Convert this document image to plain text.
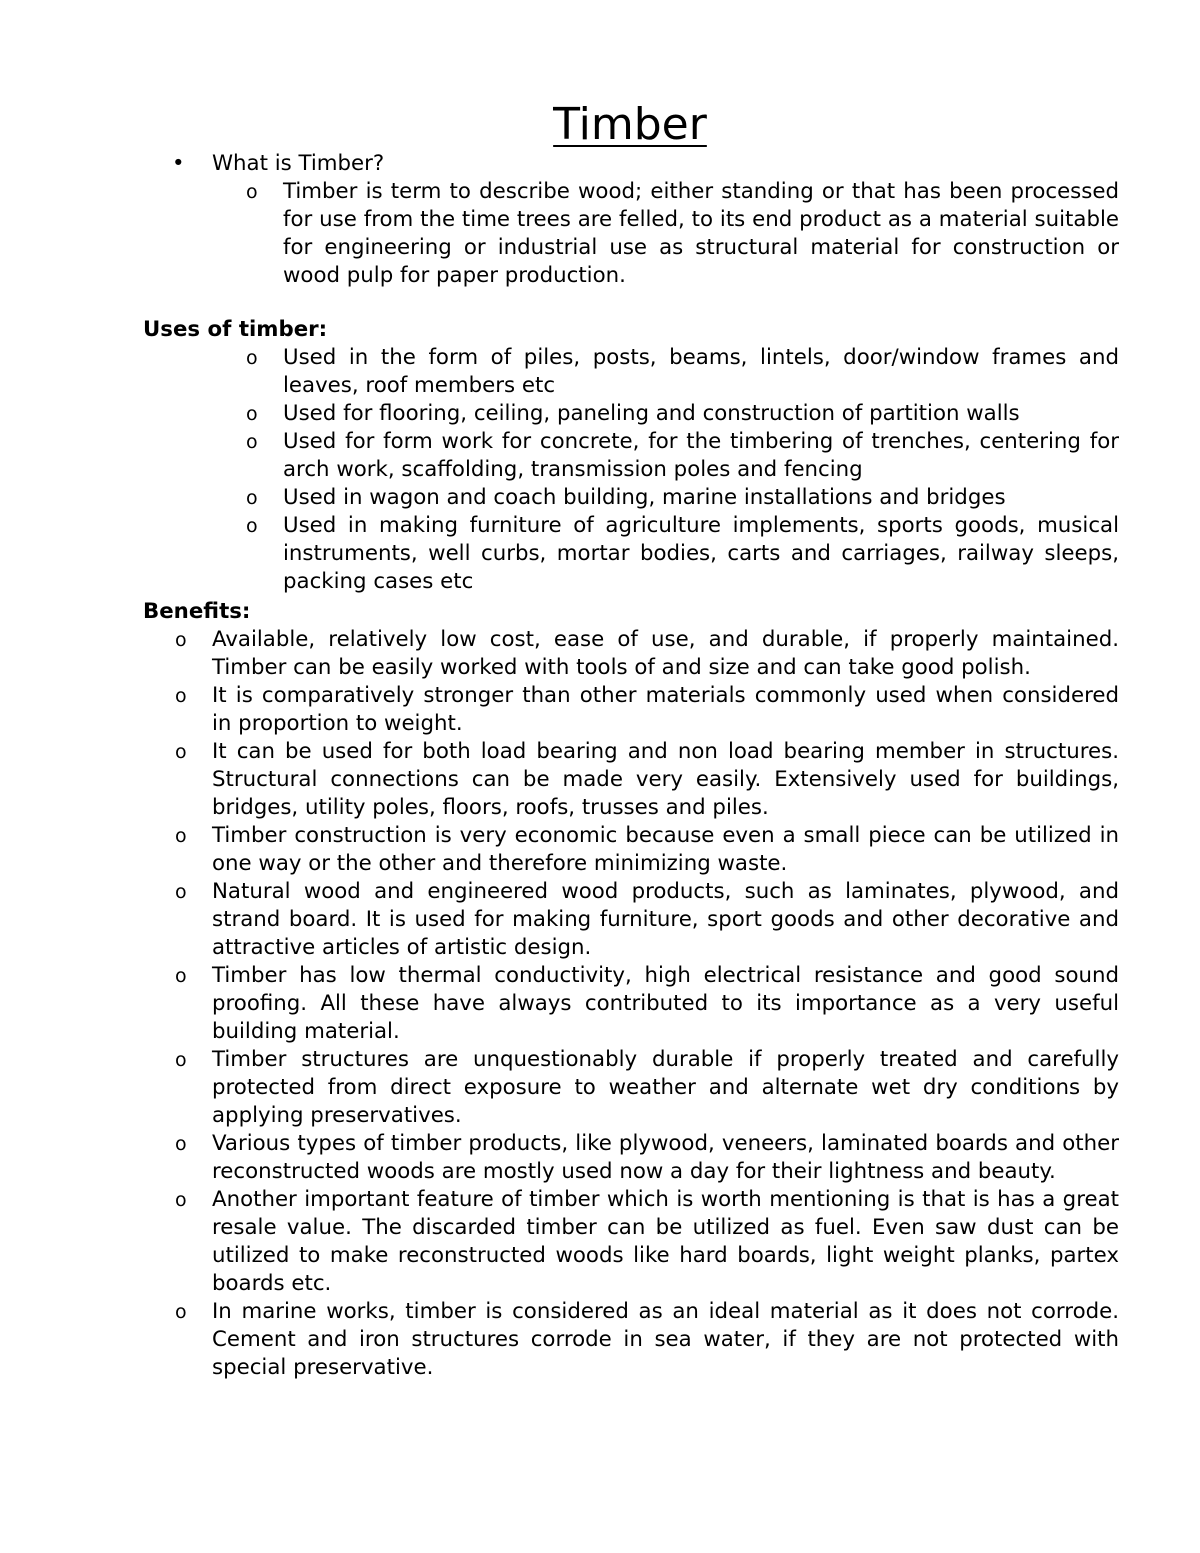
Timber
• What is Timber?
o Timber is term to describe wood; either standing or that has been processed for use from the time trees are felled, to its end product as a material suitable for engineering or industrial use as structural material for construction or wood pulp for paper production.
Uses of timber:
o Used in the form of piles, posts, beams, lintels, door/window frames and leaves, roof members etc
o Used for flooring, ceiling, paneling and construction of partition walls
o Used for form work for concrete, for the timbering of trenches, centering for arch work, scaffolding, transmission poles and fencing
o Used in wagon and coach building, marine installations and bridges
o Used in making furniture of agriculture implements, sports goods, musical instruments, well curbs, mortar bodies, carts and carriages, railway sleeps, packing cases etc
Benefits:
o Available, relatively low cost, ease of use, and durable, if properly maintained. Timber can be easily worked with tools of and size and can take good polish.
o It is comparatively stronger than other materials commonly used when considered in proportion to weight.
o It can be used for both load bearing and non load bearing member in structures. Structural connections can be made very easily. Extensively used for buildings, bridges, utility poles, floors, roofs, trusses and piles.
o Timber construction is very economic because even a small piece can be utilized in one way or the other and therefore minimizing waste.
o Natural wood and engineered wood products, such as laminates, plywood, and strand board. It is used for making furniture, sport goods and other decorative and attractive articles of artistic design.
o Timber has low thermal conductivity, high electrical resistance and good sound proofing. All these have always contributed to its importance as a very useful building material.
o Timber structures are unquestionably durable if properly treated and carefully protected from direct exposure to weather and alternate wet dry conditions by applying preservatives.
o Various types of timber products, like plywood, veneers, laminated boards and other reconstructed woods are mostly used now a day for their lightness and beauty.
o Another important feature of timber which is worth mentioning is that is has a great resale value. The discarded timber can be utilized as fuel. Even saw dust can be utilized to make reconstructed woods like hard boards, light weight planks, partex boards etc.
o In marine works, timber is considered as an ideal material as it does not corrode. Cement and iron structures corrode in sea water, if they are not protected with special preservative.
